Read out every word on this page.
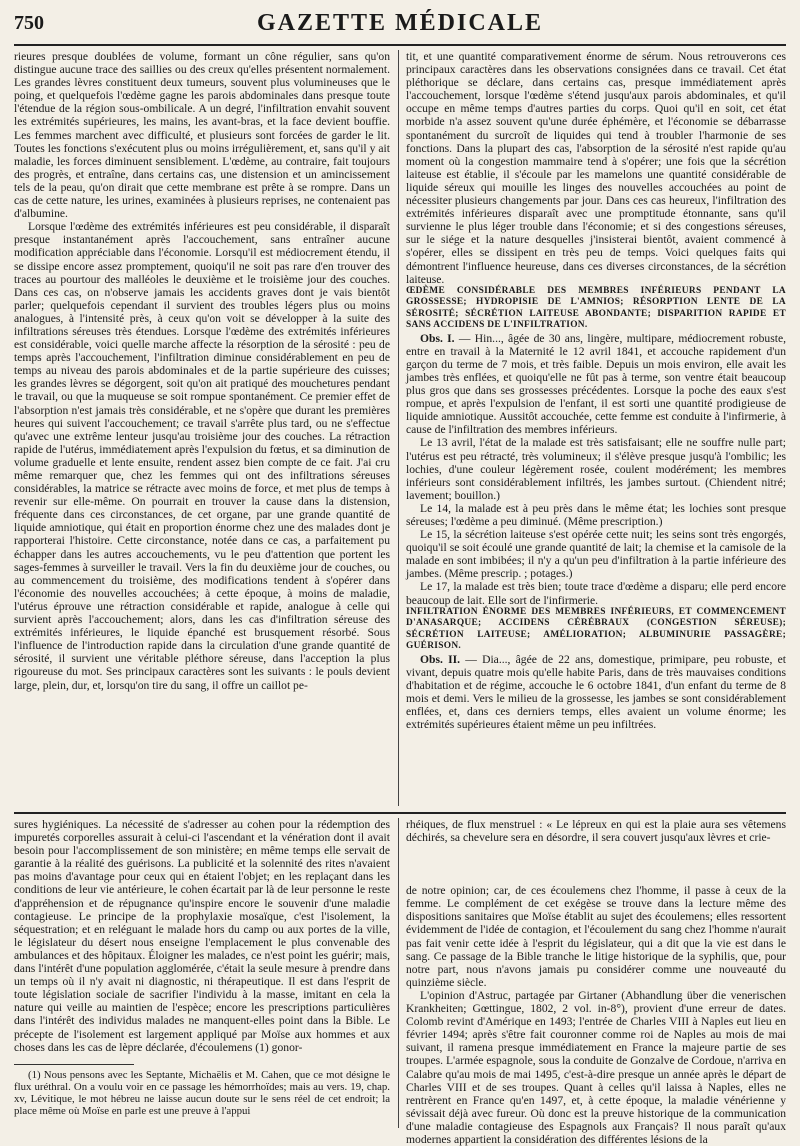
750	GAZETTE MÉDICALE

rieures presque doublées de volume, formant un cône régulier, sans qu'on distingue aucune trace des saillies ou des creux qu'elles présentent normalement. Les grandes lèvres constituent deux tumeurs, souvent plus volumineuses que le poing, et quelquefois l'œdème gagne les parois abdominales dans presque toute l'étendue de la région sous-ombilicale. A un degré, l'infiltration envahit souvent les extrémités supérieures, les mains, les avant-bras, et la face devient bouffie. Les femmes marchent avec difficulté, et plusieurs sont forcées de garder le lit. Toutes les fonctions s'exécutent plus ou moins irrégulièrement, et, sans qu'il y ait maladie, les forces diminuent sensiblement. L'œdème, au contraire, fait toujours des progrès, et entraîne, dans certains cas, une distension et un amincissement tels de la peau, qu'on dirait que cette membrane est prête à se rompre. Dans un cas de cette nature, les urines, examinées à plusieurs reprises, ne contenaient pas d'albumine.

Lorsque l'œdème des extrémités inférieures est peu considérable, il disparaît presque instantanément après l'accouchement, sans entraîner aucune modification appréciable dans l'économie. Lorsqu'il est médiocrement étendu, il se dissipe encore assez promptement, quoiqu'il ne soit pas rare d'en trouver des traces au pourtour des malléoles le deuxième et le troisième jour des couches. Dans ces cas, on n'observe jamais les accidents graves dont je vais bientôt parler; quelquefois cependant il survient des troubles légers plus ou moins analogues, à l'intensité près, à ceux qu'on voit se développer à la suite des infiltrations séreuses très étendues. Lorsque l'œdème des extrémités inférieures est considérable, voici quelle marche affecte la résorption de la sérosité : peu de temps après l'accouchement, l'infiltration diminue considérablement en peu de temps au niveau des parois abdominales et de la partie supérieure des cuisses; les grandes lèvres se dégorgent, soit qu'on ait pratiqué des mouchetures pendant le travail, ou que la muqueuse se soit rompue spontanément. Ce premier effet de l'absorption n'est jamais très considérable, et ne s'opère que durant les premières heures qui suivent l'accouchement; ce travail s'arrête plus tard, ou ne s'effectue qu'avec une extrême lenteur jusqu'au troisième jour des couches. La rétraction rapide de l'utérus, immédiatement après l'expulsion du fœtus, et sa diminution de volume graduelle et lente ensuite, rendent assez bien compte de ce fait. J'ai cru même remarquer que, chez les femmes qui ont des infiltrations séreuses considérables, la matrice se rétracte avec moins de force, et met plus de temps à revenir sur elle-même. On pourrait en trouver la cause dans la distension, fréquente dans ces circonstances, de cet organe, par une grande quantité de liquide amniotique, qui était en proportion énorme chez une des malades dont je rapporterai l'histoire. Cette circonstance, notée dans ce cas, a parfaitement pu échapper dans les autres accouchements, vu le peu d'attention que portent les sages-femmes à surveiller le travail. Vers la fin du deuxième jour de couches, ou au commencement du troisième, des modifications tendent à s'opérer dans l'économie des nouvelles accouchées; à cette époque, à moins de maladie, l'utérus éprouve une rétraction considérable et rapide, analogue à celle qui survient après l'accouchement; alors, dans les cas d'infiltration séreuse des extrémités inférieures, le liquide épanché est brusquement résorbé. Sous l'influence de l'introduction rapide dans la circulation d'une grande quantité de sérosité, il survient une véritable pléthore séreuse, dans l'acception la plus rigoureuse du mot. Ses principaux caractères sont les suivants : le pouls devient large, plein, dur, et, lorsqu'on tire du sang, il offre un caillot pe-

tit, et une quantité comparativement énorme de sérum. Nous retrouverons ces principaux caractères dans les observations consignées dans ce travail. Cet état pléthorique se déclare, dans certains cas, presque immédiatement après l'accouchement, lorsque l'œdème s'étend jusqu'aux parois abdominales, et qu'il occupe en même temps d'autres parties du corps. Quoi qu'il en soit, cet état morbide n'a assez souvent qu'une durée éphémère, et l'économie se débarrasse spontanément du surcroît de liquides qui tend à troubler l'harmonie de ses fonctions. Dans la plupart des cas, l'absorption de la sérosité n'est rapide qu'au moment où la congestion mammaire tend à s'opérer; une fois que la sécrétion laiteuse est établie, il s'écoule par les mamelons une quantité considérable de liquide séreux qui mouille les linges des nouvelles accouchées au point de nécessiter plusieurs changements par jour. Dans ces cas heureux, l'infiltration des extrémités inférieures disparaît avec une promptitude étonnante, sans qu'il survienne le plus léger trouble dans l'économie; et si des congestions séreuses, sur le siége et la nature desquelles j'insisterai bientôt, avaient commencé à s'opérer, elles se dissipent en très peu de temps. Voici quelques faits qui démontrent l'influence heureuse, dans ces diverses circonstances, de la sécrétion laiteuse.

ŒDÈME CONSIDÉRABLE DES MEMBRES INFÉRIEURS PENDANT LA GROSSESSE; HYDROPISIE DE L'AMNIOS; RÉSORPTION LENTE DE LA SÉROSITÉ; SÉCRÉTION LAITEUSE ABONDANTE; DISPARITION RAPIDE ET SANS ACCIDENS DE L'INFILTRATION.

Obs. I. — Hin..., âgée de 30 ans, lingère, multipare, médiocrement robuste, entre en travail à la Maternité le 12 avril 1841, et accouche rapidement d'un garçon du terme de 7 mois, et très faible. Depuis un mois environ, elle avait les jambes très enflées, et quoiqu'elle ne fût pas à terme, son ventre était beaucoup plus gros que dans ses grossesses précédentes. Lorsque la poche des eaux s'est rompue, et après l'expulsion de l'enfant, il est sorti une quantité prodigieuse de liquide amniotique. Aussitôt accouchée, cette femme est conduite à l'infirmerie, à cause de l'infiltration des membres inférieurs.

Le 13 avril, l'état de la malade est très satisfaisant; elle ne souffre nulle part; l'utérus est peu rétracté, très volumineux; il s'élève presque jusqu'à l'ombilic; les lochies, d'une couleur légèrement rosée, coulent modérément; les membres inférieurs sont considérablement infiltrés, les jambes surtout. (Chiendent nitré; lavement; bouillon.)

Le 14, la malade est à peu près dans le même état; les lochies sont presque séreuses; l'œdème a peu diminué. (Même prescription.)

Le 15, la sécrétion laiteuse s'est opérée cette nuit; les seins sont très engorgés, quoiqu'il se soit écoulé une grande quantité de lait; la chemise et la camisole de la malade en sont imbibées; il n'y a qu'un peu d'infiltration à la partie inférieure des jambes. (Même prescrip. ; potages.)

Le 17, la malade est très bien; toute trace d'œdème a disparu; elle perd encore beaucoup de lait. Elle sort de l'infirmerie.

INFILTRATION ÉNORME DES MEMBRES INFÉRIEURS, ET COMMENCEMENT D'ANASARQUE; ACCIDENS CÉRÉBRAUX (CONGESTION SÉREUSE); SÉCRÉTION LAITEUSE; AMÉLIORATION; ALBUMINURIE PASSAGÈRE; GUÉRISON.

Obs. II. — Dia..., âgée de 22 ans, domestique, primipare, peu robuste, et vivant, depuis quatre mois qu'elle habite Paris, dans de très mauvaises conditions d'habitation et de régime, accouche le 6 octobre 1841, d'un enfant du terme de 8 mois et demi. Vers le milieu de la grossesse, les jambes se sont considérablement enflées, et, dans ces derniers temps, elles avaient un volume énorme; les extrémités supérieures étaient même un peu infiltrées.

sures hygiéniques. La nécessité de s'adresser au cohen pour la rédemption des impuretés corporelles assurait à celui-ci l'ascendant et la vénération dont il avait besoin pour l'accomplissement de son ministère; en même temps elle servait de garantie à la réalité des guérisons. La publicité et la solennité des rites n'avaient pas moins d'avantage pour ceux qui en étaient l'objet; en les replaçant dans les conditions de leur vie antérieure, le cohen écartait par là de leur personne le reste d'appréhension et de répugnance qu'inspire encore le souvenir d'une maladie contagieuse. Le principe de la prophylaxie mosaïque, c'est l'isolement, la séquestration; et en reléguant le malade hors du camp ou aux portes de la ville, le législateur du désert nous enseigne l'emplacement le plus convenable des ambulances et des hôpitaux. Éloigner les malades, ce n'est point les guérir; mais, dans l'intérêt d'une population agglomérée, c'était la seule mesure à prendre dans un temps où il n'y avait ni diagnostic, ni thérapeutique. Il est dans l'esprit de toute législation sociale de sacrifier l'individu à la masse, imitant en cela la nature qui veille au maintien de l'espèce; encore les prescriptions particulières dans l'intérêt des individus malades ne manquent-elles point dans la Bible. Le précepte de l'isolement est largement appliqué par Moïse aux hommes et aux choses dans les cas de lèpre déclarée, d'écoulemens (1) gonor-

(1) Nous pensons avec les Septante, Michaëlis et M. Cahen, que ce mot désigne le flux uréthral. On a voulu voir en ce passage les hémorrhoïdes; mais au vers. 19, chap. xv, Lévitique, le mot hébreu ne laisse aucun doute sur le sens réel de cet endroit; la place même où Moïse en parle est une preuve à l'appui

rhéiques, de flux menstruel : « Le lépreux en qui est la plaie aura ses vêtemens déchirés, sa chevelure sera en désordre, il sera couvert jusqu'aux lèvres et crie-

de notre opinion; car, de ces écoulemens chez l'homme, il passe à ceux de la femme. Le complément de cet exégèse se trouve dans la lecture même des dispositions sanitaires que Moïse établit au sujet des écoulemens; elles ressortent évidemment de l'idée de contagion, et l'écoulement du sang chez l'homme n'aurait pas fait venir cette idée à l'esprit du législateur, qui a dit que la vie est dans le sang. Ce passage de la Bible tranche le litige historique de la syphilis, que, pour notre part, nous n'avons jamais pu considérer comme une nouveauté du quinzième siècle.

L'opinion d'Astruc, partagée par Girtaner (Abhandlung über die venerischen Krankheiten; Gœttingue, 1802, 2 vol. in-8°), provient d'une erreur de dates. Colomb revint d'Amérique en 1493; l'entrée de Charles VIII à Naples eut lieu en février 1494; après s'être fait couronner comme roi de Naples au mois de mai suivant, il ramena presque immédiatement en France la majeure partie de ses troupes. L'armée espagnole, sous la conduite de Gonzalve de Cordoue, n'arriva en Calabre qu'au mois de mai 1495, c'est-à-dire presque un année après le départ de Charles VIII et de ses troupes. Quant à celles qu'il laissa à Naples, elles ne rentrèrent en France qu'en 1497, et, à cette époque, la maladie vénérienne y sévissait déjà avec fureur. Où donc est la preuve historique de la communication d'une maladie contagieuse des Espagnols aux Français? Il nous paraît qu'aux modernes appartient la considération des différentes lésions de la
